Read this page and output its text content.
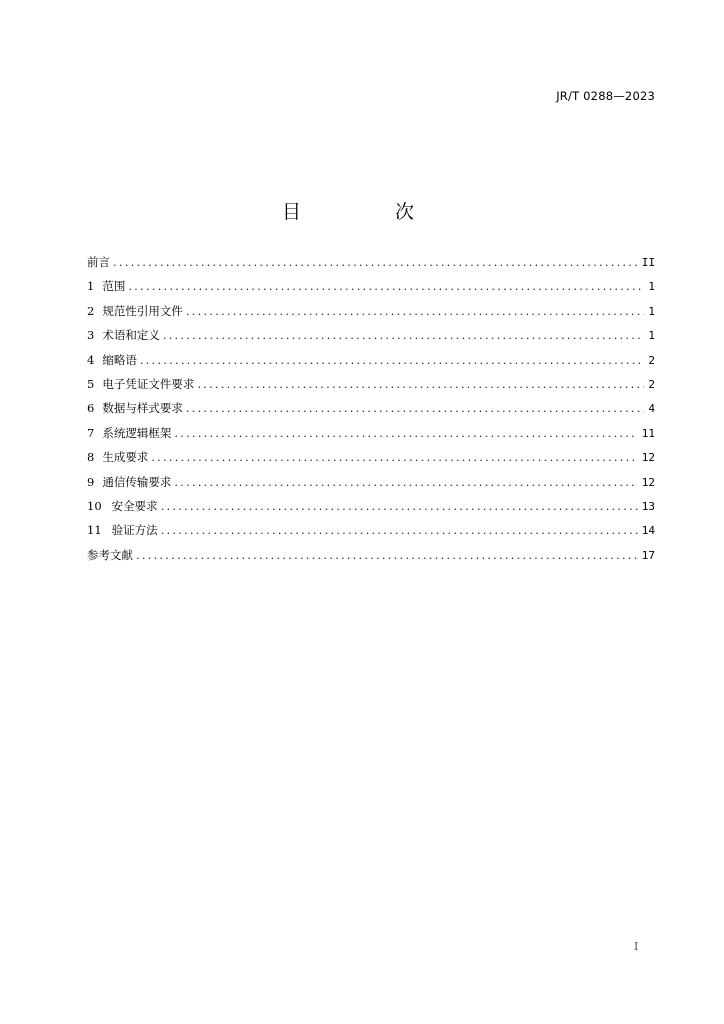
JR/T 0288—2023
目 次
前言 .....	II
1 范围 .....	1
2 规范性引用文件 .....	1
3 术语和定义 .....	1
4 缩略语 .....	2
5 电子凭证文件要求 .....	2
6 数据与样式要求 .....	4
7 系统逻辑框架 .....	11
8 生成要求 .....	12
9 通信传输要求 .....	12
10 安全要求 .....	13
11 验证方法 .....	14
参考文献 .....	17
I
